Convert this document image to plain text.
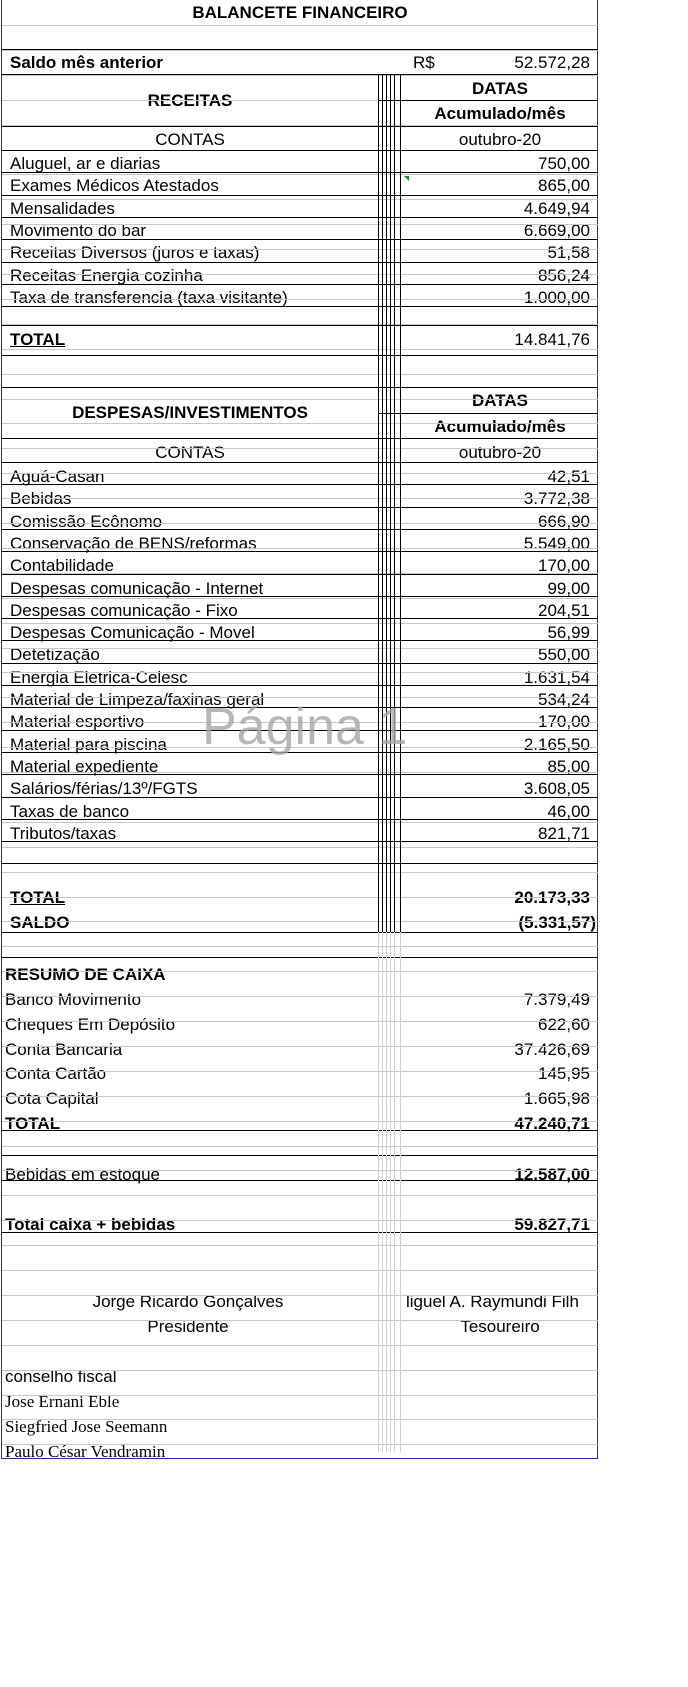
BALANCETE FINANCEIRO
Saldo mês anterior	R$	52.572,28
RECEITAS
DATAS
Acumulado/mês
CONTAS	outubro-20
Aluguel, ar e diarias	750,00
Exames Médicos Atestados	865,00
Mensalidades	4.649,94
Movimento do bar	6.669,00
Receitas Diversos (juros e taxas)	51,58
Receitas Energia cozinha	856,24
Taxa de transferencia (taxa visitante)	1.000,00
TOTAL	14.841,76
DESPESAS/INVESTIMENTOS
DATAS
Acumulado/mês
CONTAS	outubro-20
Aguá-Casan	42,51
Bebidas	3.772,38
Comissão Ecônomo	666,90
Conservação de BENS/reformas	5.549,00
Contabilidade	170,00
Despesas comunicação - Internet	99,00
Despesas comunicação - Fixo	204,51
Despesas Comunicação - Movel	56,99
Detetização	550,00
Energia Eletrica-Celesc	1.631,54
Material de Limpeza/faxinas geral	534,24
Material esportivo	170,00
Material para piscina	2.165,50
Material expediente	85,00
Salários/férias/13º/FGTS	3.608,05
Taxas de banco	46,00
Tributos/taxas	821,71
TOTAL	20.173,33
SALDO	(5.331,57)
RESUMO DE CAIXA
Banco Movimento	7.379,49
Cheques Em Depósito	622,60
Conta Bancaria	37.426,69
Conta Cartão	145,95
Cota Capital	1.665,98
TOTAL	47.240,71
Bebidas em estoque	12.587,00
Total caixa + bebidas	59.827,71
Jorge Ricardo Gonçalves	liguel A. Raymundi Filh
Presidente	Tesoureiro
conselho fiscal
Jose Ernani Eble
Siegfried Jose Seemann
Paulo César Vendramin
Página 1
